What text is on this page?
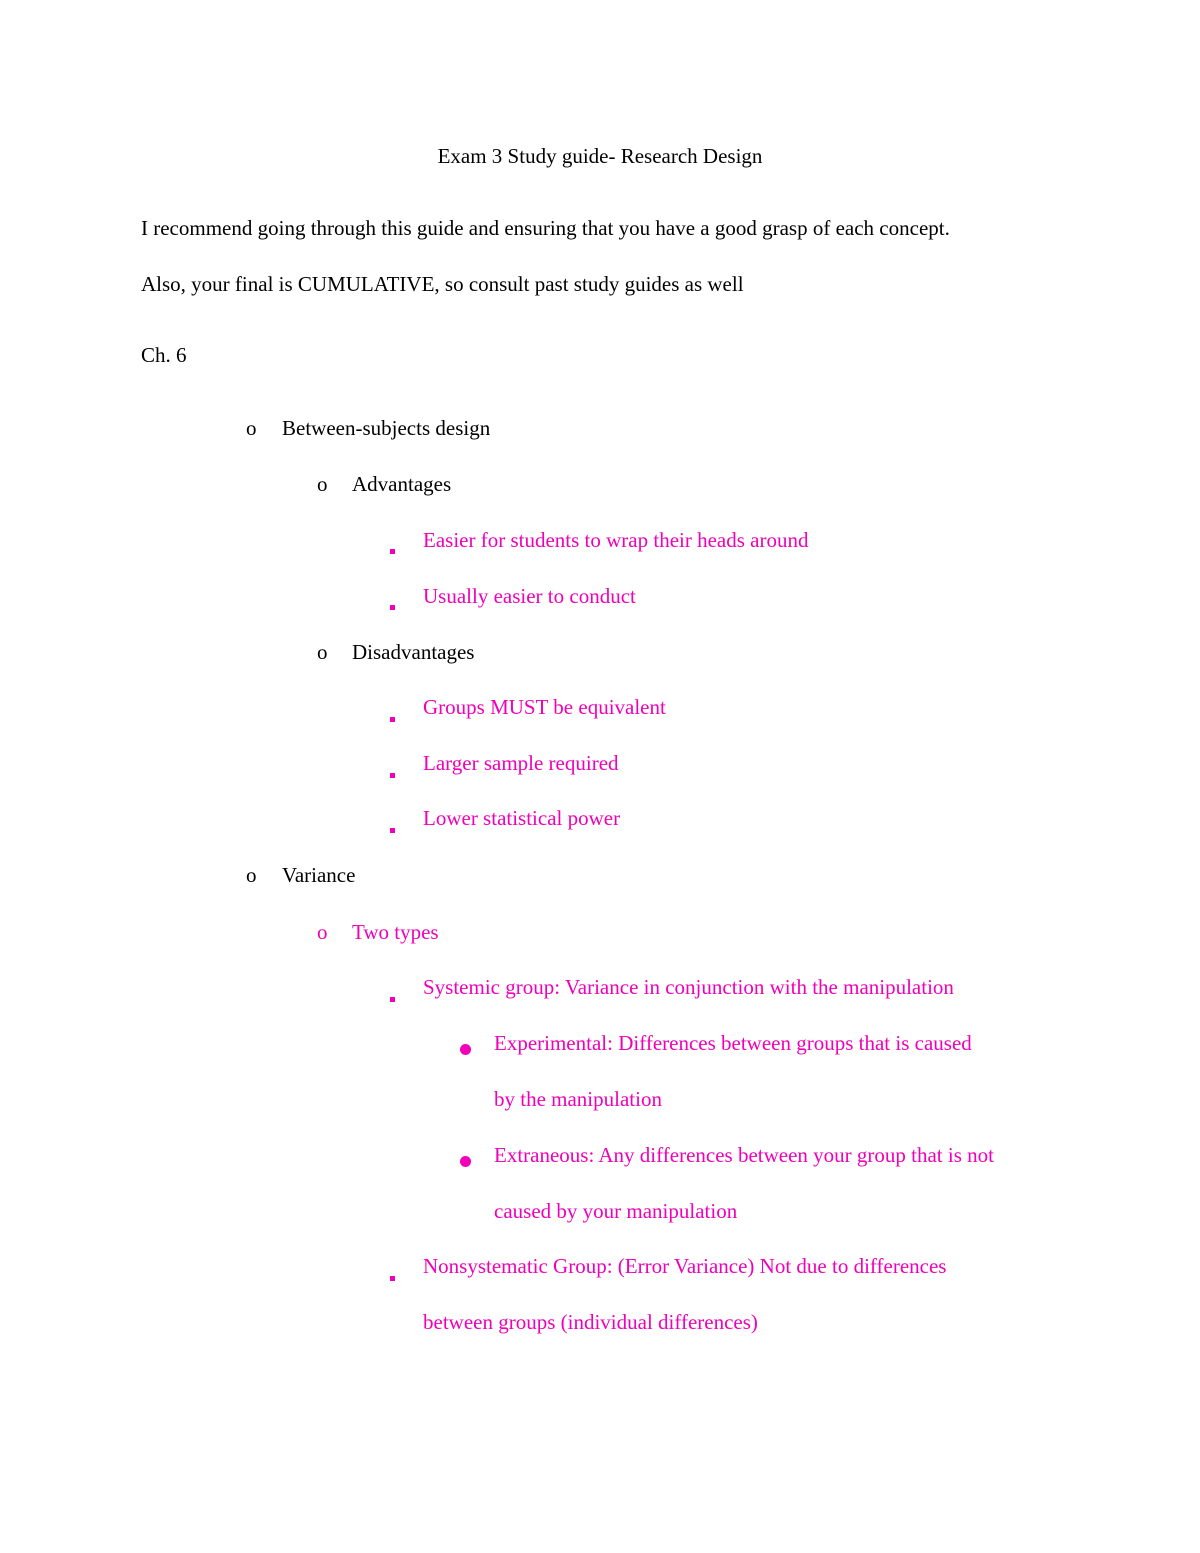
Exam 3 Study guide- Research Design
I recommend going through this guide and ensuring that you have a good grasp of each concept.
Also, your final is CUMULATIVE, so consult past study guides as well
Ch. 6
o Between-subjects design
o Advantages
Easier for students to wrap their heads around
Usually easier to conduct
o Disadvantages
Groups MUST be equivalent
Larger sample required
Lower statistical power
o Variance
o Two types
Systemic group: Variance in conjunction with the manipulation
Experimental: Differences between groups that is caused
by the manipulation
Extraneous: Any differences between your group that is not
caused by your manipulation
Nonsystematic Group: (Error Variance) Not due to differences
between groups (individual differences)
